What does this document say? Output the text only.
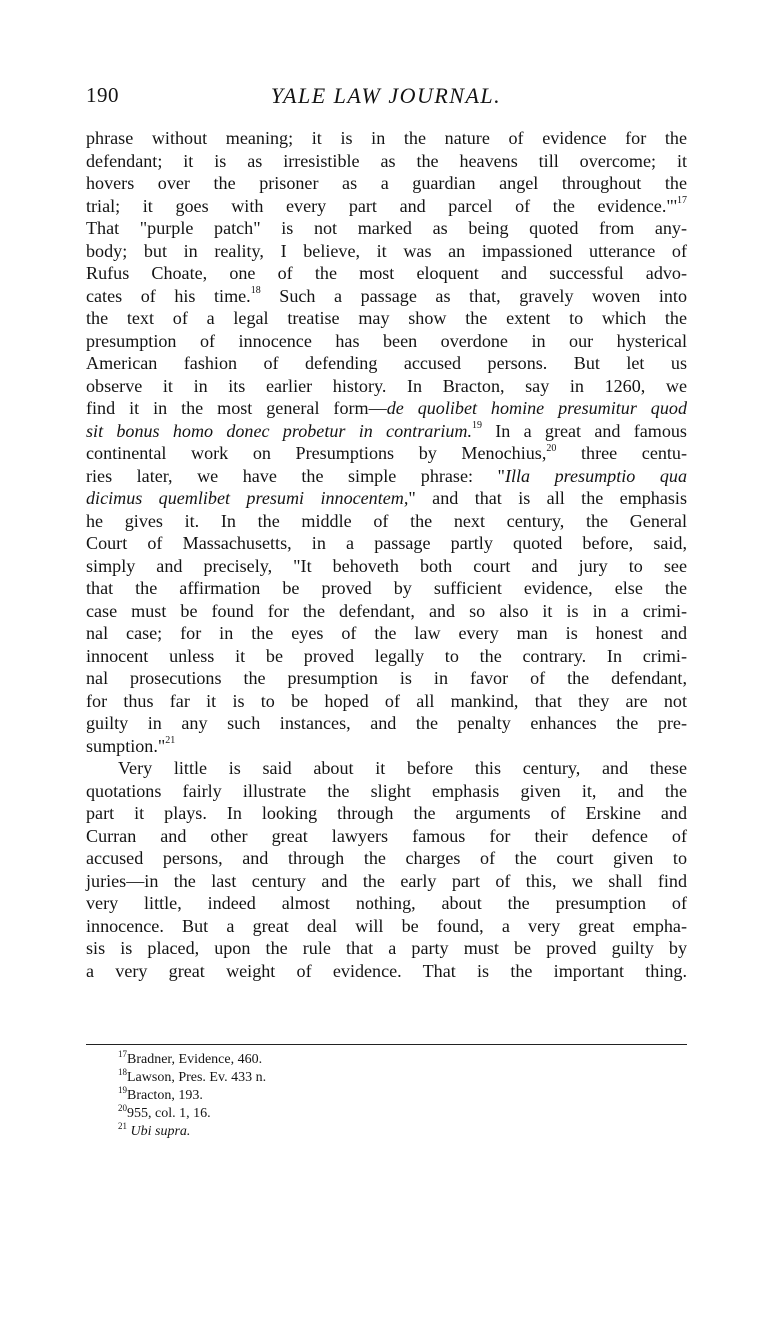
190	YALE LAW JOURNAL.
phrase without meaning; it is in the nature of evidence for the
defendant; it is as irresistible as the heavens till overcome; it
hovers over the prisoner as a guardian angel throughout the
trial; it goes with every part and parcel of the $evidence."'^{17}$
That "purple patch" is not marked as being quoted from any-
body; but in reality, I believe, it was an impassioned utterance of
Rufus Choate, one of the most eloquent and successful advo-
cates of his time.$^{18}$ Such a passage as that, gravely woven into
the text of a legal treatise may show the extent to which the
presumption of innocence has been overdone in our hysterical
American fashion of defending accused persons. But let us
observe it in its earlier history. In Bracton, say in 1260, we
find it in the most general form—de quolibet homine presumitur quod
sit bonus homo donec probetur in contrarium.$^{19}$ In a great and famous
continental work on Presumptions by Menochius,$^{20}$ three centu-
ries later, we have the simple phrase: "Illa presumptio qua
dicimus quemlibet presumi innocentem," and that is all the emphasis
he gives it. In the middle of the next century, the General
Court of Massachusetts, in a passage partly quoted before, said,
simply and precisely, "It behoveth both court and jury to see
that the affirmation be proved by sufficient evidence, else the
case must be found for the defendant, and so also it is in a crimi-
nal case; for in the eyes of the law every man is honest and
innocent unless it be proved legally to the contrary. In crimi-
nal prosecutions the presumption is in favor of the defendant,
for thus far it is to be hoped of all mankind, that they are not
guilty in any such instances, and the penalty enhances the pre-
sumption."$^{21}$
Very little is said about it before this century, and these
quotations fairly illustrate the slight emphasis given it, and the
part it plays. In looking through the arguments of Erskine and
Curran and other great lawyers famous for their defence of
accused persons, and through the charges of the court given to
juries—in the last century and the early part of this, we shall find
very little, indeed almost nothing, about the presumption of
innocence. But a great deal will be found, a very great empha-
sis is placed, upon the rule that a party must be proved guilty by
a very great weight of evidence. That is the important thing.
$^{17}$Bradner, Evidence, 460.
$^{18}$Lawson, Pres. Ev. 433 n.
$^{19}$Bracton, 193.
$^{20}$955, col. 1, 16.
$^{21}$ Ubi supra.
